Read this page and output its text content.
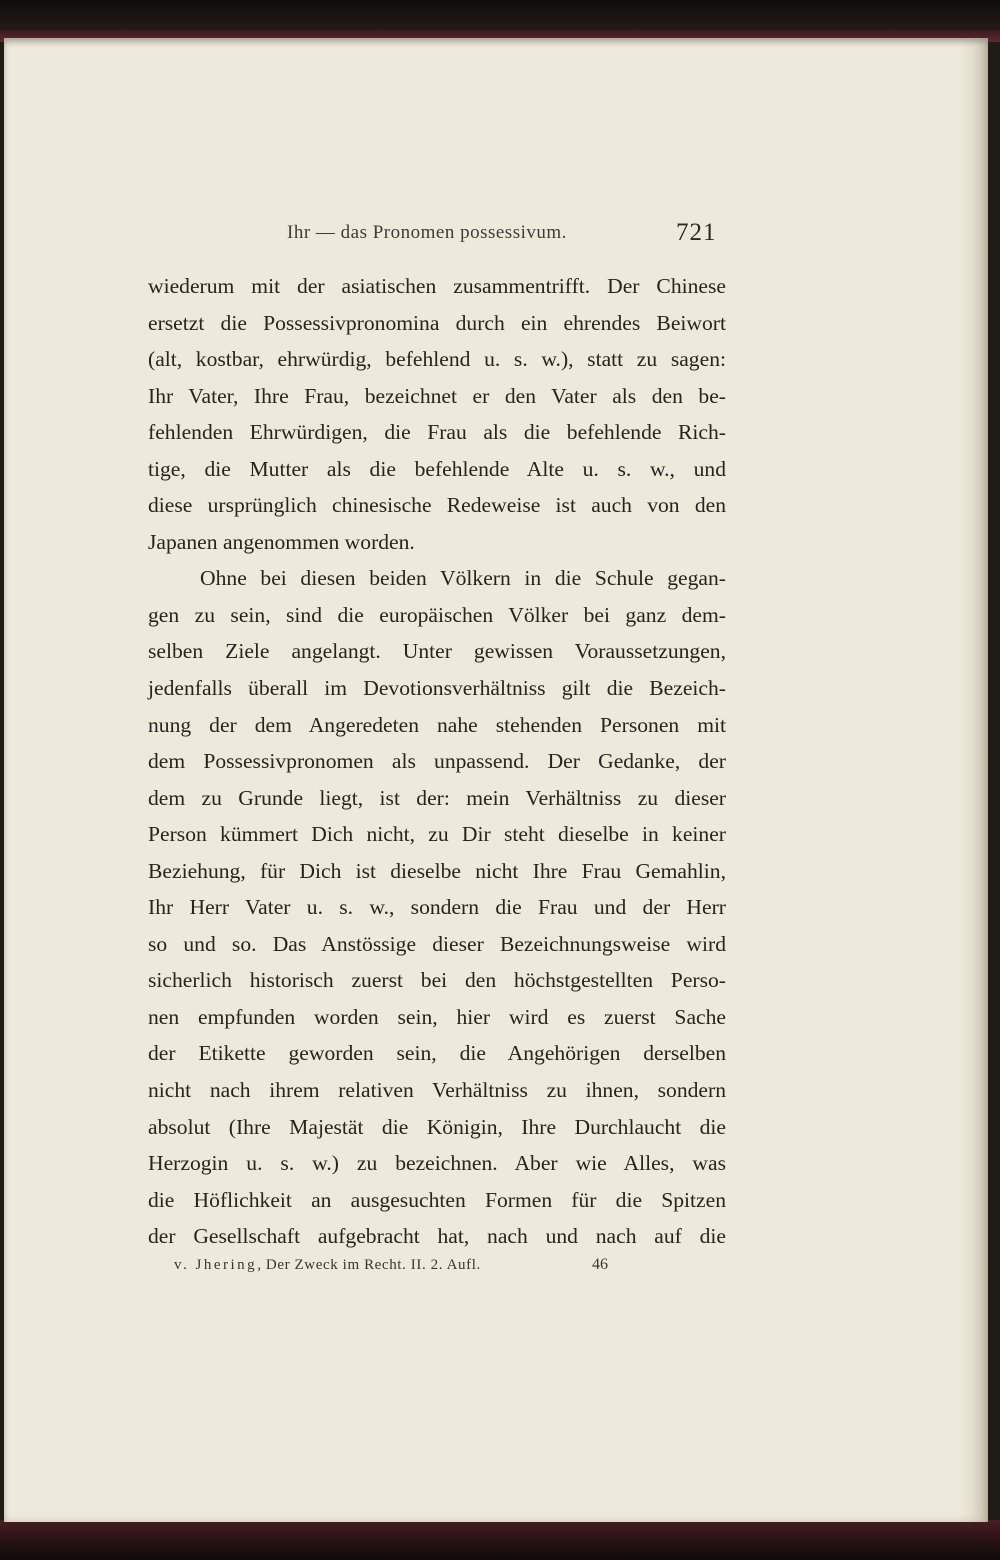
Ihr — das Pronomen possessivum.	721
wiederum mit der asiatischen zusammentrifft. Der Chinese
ersetzt die Possessivpronomina durch ein ehrendes Beiwort
(alt, kostbar, ehrwürdig, befehlend u. s. w.), statt zu sagen:
Ihr Vater, Ihre Frau, bezeichnet er den Vater als den be-
fehlenden Ehrwürdigen, die Frau als die befehlende Rich-
tige, die Mutter als die befehlende Alte u. s. w., und
diese ursprünglich chinesische Redeweise ist auch von den
Japanen angenommen worden.
Ohne bei diesen beiden Völkern in die Schule gegan-
gen zu sein, sind die europäischen Völker bei ganz dem-
selben Ziele angelangt. Unter gewissen Voraussetzungen,
jedenfalls überall im Devotionsverhältniss gilt die Bezeich-
nung der dem Angeredeten nahe stehenden Personen mit
dem Possessivpronomen als unpassend. Der Gedanke, der
dem zu Grunde liegt, ist der: mein Verhältniss zu dieser
Person kümmert Dich nicht, zu Dir steht dieselbe in keiner
Beziehung, für Dich ist dieselbe nicht Ihre Frau Gemahlin,
Ihr Herr Vater u. s. w., sondern die Frau und der Herr
so und so. Das Anstössige dieser Bezeichnungsweise wird
sicherlich historisch zuerst bei den höchstgestellten Perso-
nen empfunden worden sein, hier wird es zuerst Sache
der Etikette geworden sein, die Angehörigen derselben
nicht nach ihrem relativen Verhältniss zu ihnen, sondern
absolut (Ihre Majestät die Königin, Ihre Durchlaucht die
Herzogin u. s. w.) zu bezeichnen. Aber wie Alles, was
die Höflichkeit an ausgesuchten Formen für die Spitzen
der Gesellschaft aufgebracht hat, nach und nach auf die
v. Jhering, Der Zweck im Recht. II. 2. Aufl.	46
